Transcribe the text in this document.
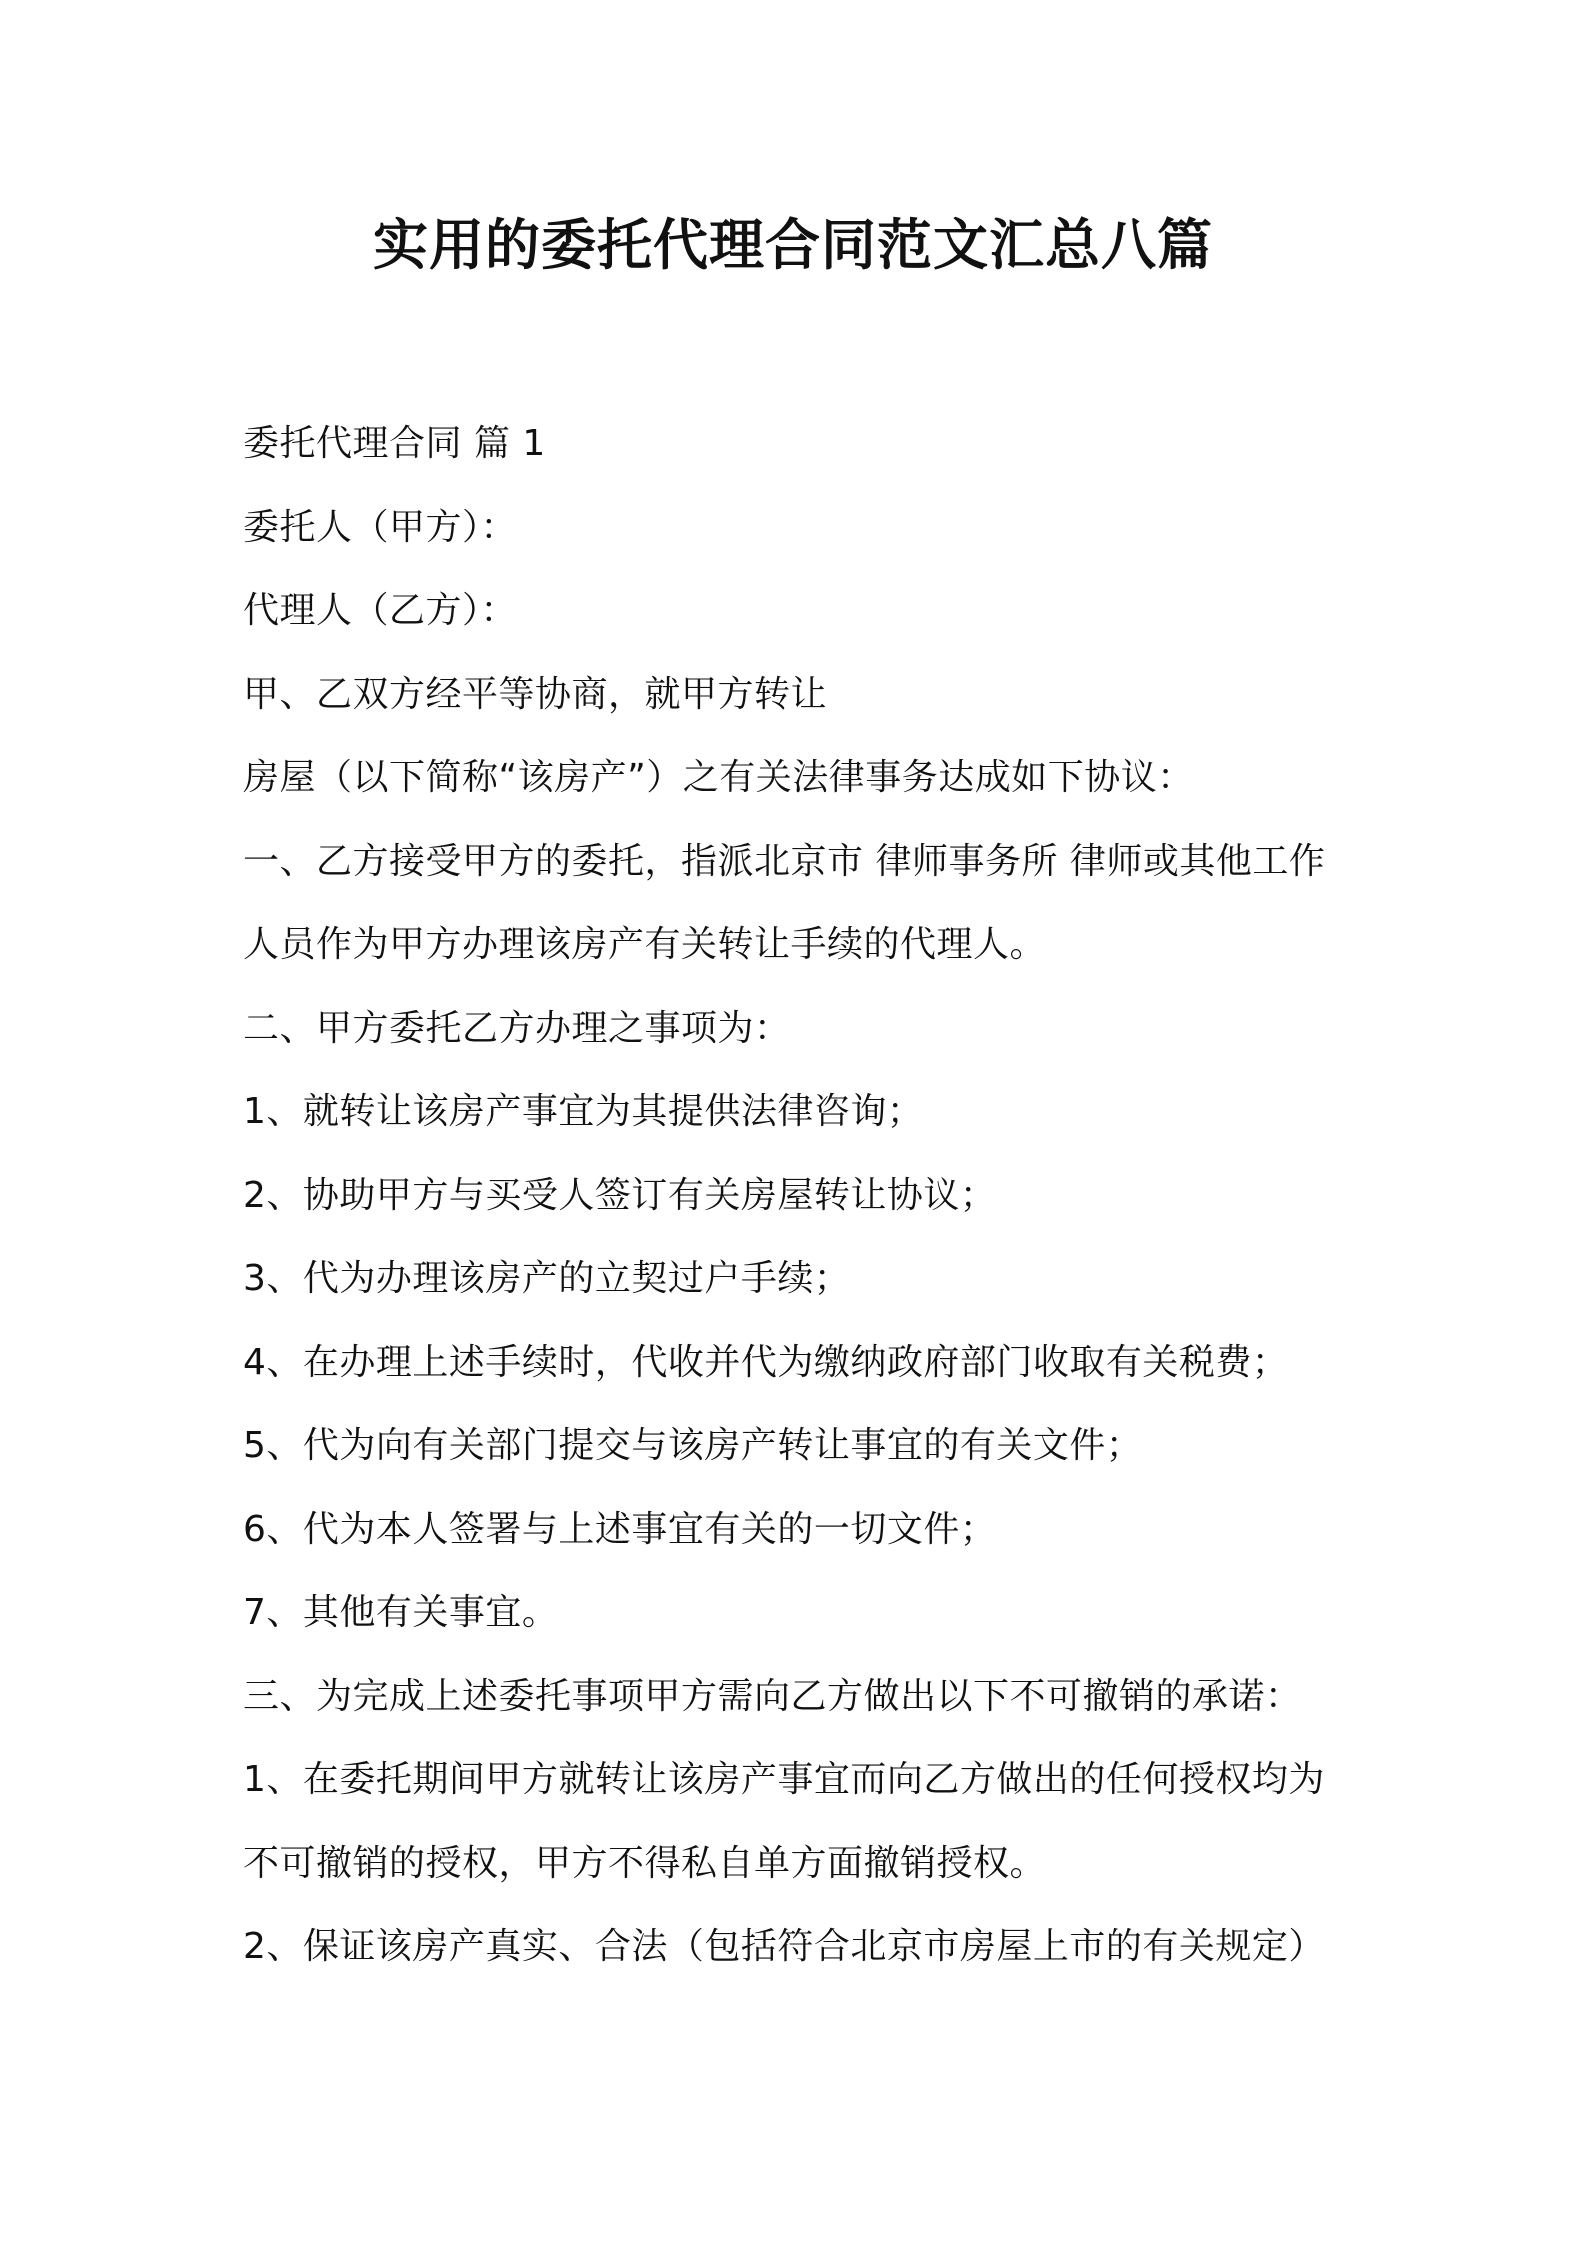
实用的委托代理合同范文汇总八篇
委托代理合同 篇 1
委托人（甲方）：
代理人（乙方）：
甲、乙双方经平等协商，就甲方转让
房屋（以下简称“该房产”）之有关法律事务达成如下协议：
一、乙方接受甲方的委托，指派北京市 律师事务所 律师或其他工作
人员作为甲方办理该房产有关转让手续的代理人。
二、甲方委托乙方办理之事项为：
1、就转让该房产事宜为其提供法律咨询；
2、协助甲方与买受人签订有关房屋转让协议；
3、代为办理该房产的立契过户手续；
4、在办理上述手续时，代收并代为缴纳政府部门收取有关税费；
5、代为向有关部门提交与该房产转让事宜的有关文件；
6、代为本人签署与上述事宜有关的一切文件；
7、其他有关事宜。
三、为完成上述委托事项甲方需向乙方做出以下不可撤销的承诺：
1、在委托期间甲方就转让该房产事宜而向乙方做出的任何授权均为
不可撤销的授权，甲方不得私自单方面撤销授权。
2、保证该房产真实、合法（包括符合北京市房屋上市的有关规定）
